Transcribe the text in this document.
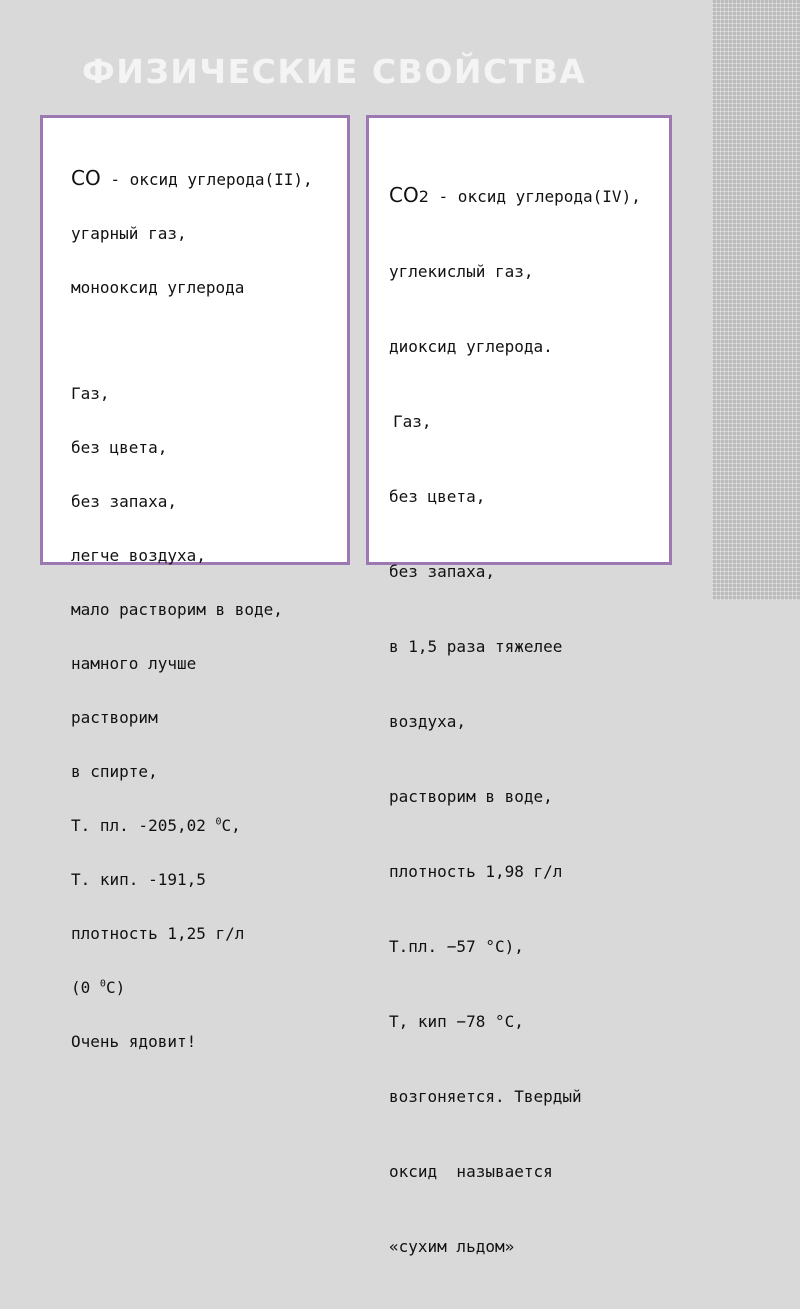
ФИЗИЧЕСКИЕ СВОЙСТВА

CO - оксид углерода(II),

угарный газ,

монооксид углерода

Газ,

без цвета,

без запаха,

легче воздуха,

мало растворим в воде,

намного лучше

растворим

в спирте,

Т. пл. -205,02 $^0$С,

Т. кип. -191,5

плотность 1,25 г/л

(0 $^0$С)

Очень ядовит!

CO2 - оксид углерода(IV),

углекислый газ,

диоксид углерода.

Газ,

без цвета,

без запаха,

в 1,5 раза тяжелее

воздуха,

растворим в воде,

плотность 1,98 г/л

Т.пл. −57 °C),

Т, кип −78 °C,

возгоняется. Твердый

оксид  называется

«сухим льдом»
